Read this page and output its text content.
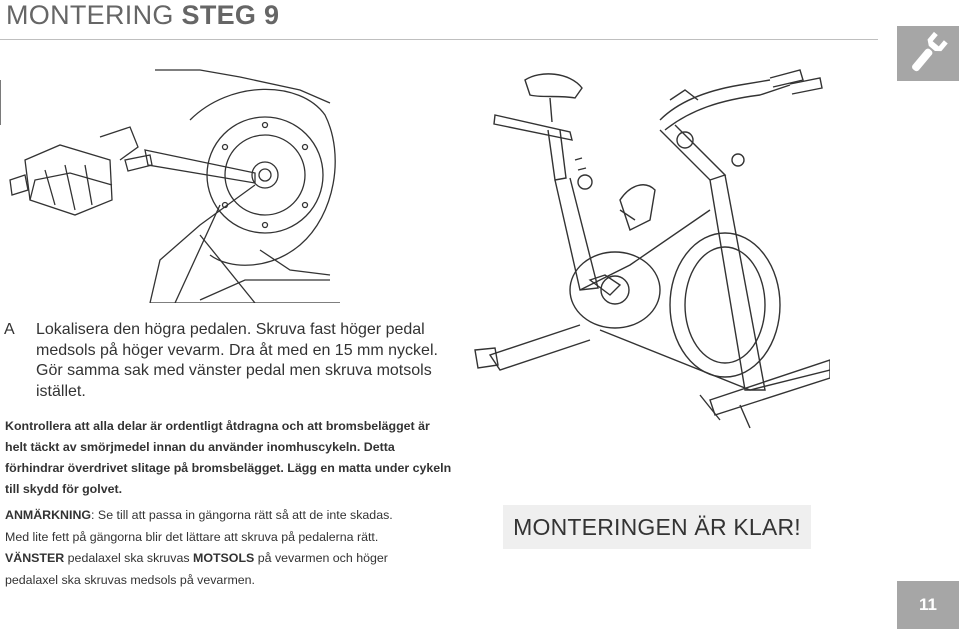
MONTERING STEG 9
A Lokalisera den högra pedalen. Skruva fast höger pedal medsols på höger vevarm. Dra åt med en 15 mm nyckel. Gör samma sak med vänster pedal men skruva motsols istället.
Kontrollera att alla delar är ordentligt åtdragna och att bromsbelägget är helt täckt av smörjmedel innan du använder inomhuscykeln. Detta förhindrar överdrivet slitage på bromsbelägget. Lägg en matta under cykeln till skydd för golvet.

ANMÄRKNING: Se till att passa in gängorna rätt så att de inte skadas.

Med lite fett på gängorna blir det lättare att skruva på pedalerna rätt.

VÄNSTER pedalaxel ska skruvas MOTSOLS på vevarmen och höger

pedalaxel ska skruvas medsols på vevarmen.

MONTERINGEN ÄR KLAR!
11
